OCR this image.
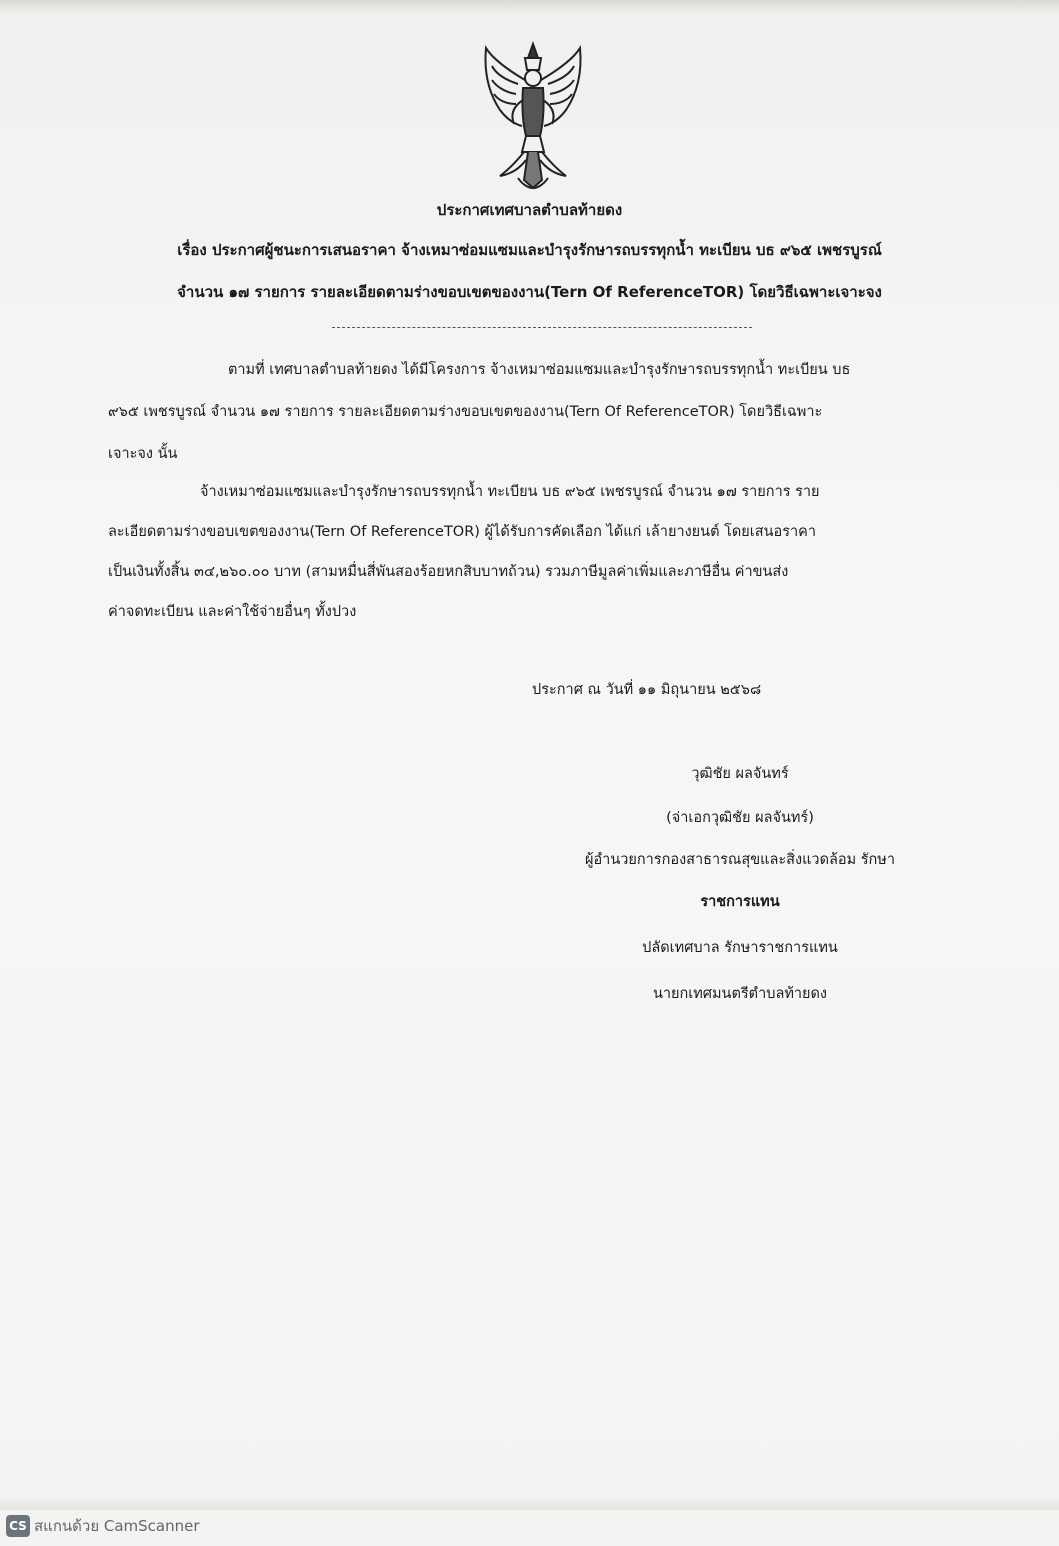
ประกาศเทศบาลตำบลท้ายดง
เรื่อง ประกาศผู้ชนะการเสนอราคา จ้างเหมาซ่อมแซมและบำรุงรักษารถบรรทุกน้ำ ทะเบียน บธ ๙๖๕ เพชรบูรณ์
จำนวน ๑๗ รายการ รายละเอียดตามร่างขอบเขตของงาน(Tern Of ReferenceTOR) โดยวิธีเฉพาะเจาะจง
ตามที่ เทศบาลตำบลท้ายดง ได้มีโครงการ จ้างเหมาซ่อมแซมและบำรุงรักษารถบรรทุกน้ำ ทะเบียน บธ
๙๖๕ เพชรบูรณ์ จำนวน ๑๗ รายการ รายละเอียดตามร่างขอบเขตของงาน(Tern Of ReferenceTOR) โดยวิธีเฉพาะ
เจาะจง นั้น
จ้างเหมาซ่อมแซมและบำรุงรักษารถบรรทุกน้ำ ทะเบียน บธ ๙๖๕ เพชรบูรณ์ จำนวน ๑๗ รายการ ราย
ละเอียดตามร่างขอบเขตของงาน(Tern Of ReferenceTOR) ผู้ได้รับการคัดเลือก ได้แก่ เล้ายางยนต์ โดยเสนอราคา
เป็นเงินทั้งสิ้น ๓๔,๒๖๐.๐๐ บาท (สามหมื่นสี่พันสองร้อยหกสิบบาทถ้วน) รวมภาษีมูลค่าเพิ่มและภาษีอื่น ค่าขนส่ง
ค่าจดทะเบียน และค่าใช้จ่ายอื่นๆ ทั้งปวง
ประกาศ ณ วันที่ ๑๑ มิถุนายน ๒๕๖๘
วุฒิชัย ผลจันทร์
(จ่าเอกวุฒิชัย ผลจันทร์)
ผู้อำนวยการกองสาธารณสุขและสิ่งแวดล้อม รักษา
ราชการแทน
ปลัดเทศบาล รักษาราชการแทน
นายกเทศมนตรีตำบลท้ายดง
CS สแกนด้วย CamScanner
